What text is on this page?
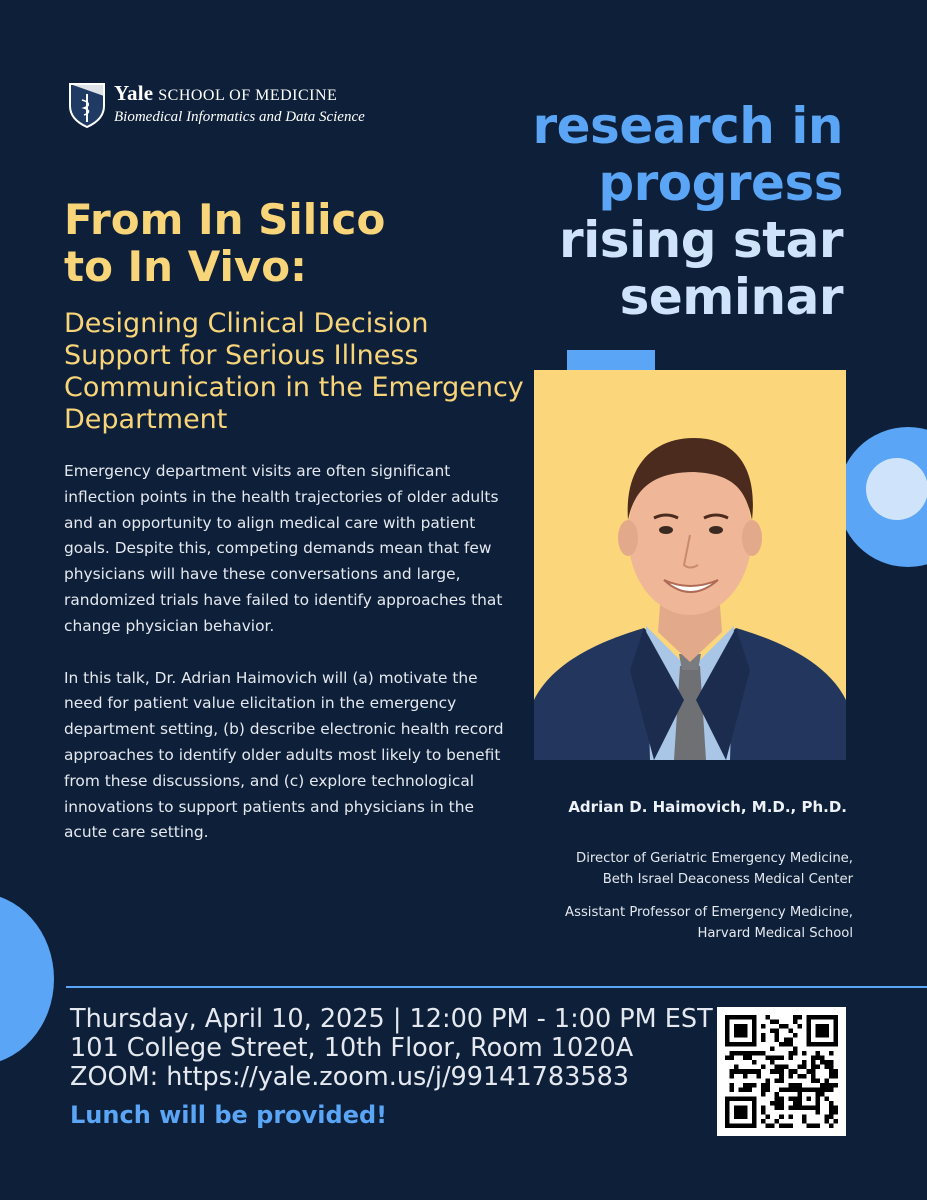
Yale SCHOOL OF MEDICINE
Biomedical Informatics and Data Science	research in
progress
rising star
seminar
From In Silico
to In Vivo:
Designing Clinical Decision Support for Serious Illness Communication in the Emergency Department

Emergency department visits are often significant inflection points in the health trajectories of older adults and an opportunity to align medical care with patient goals. Despite this, competing demands mean that few physicians will have these conversations and large, randomized trials have failed to identify approaches that change physician behavior.

In this talk, Dr. Adrian Haimovich will (a) motivate the need for patient value elicitation in the emergency department setting, (b) describe electronic health record approaches to identify older adults most likely to benefit from these discussions, and (c) explore technological innovations to support patients and physicians in the acute care setting.

Adrian D. Haimovich, M.D., Ph.D.
Director of Geriatric Emergency Medicine,
Beth Israel Deaconess Medical Center
Assistant Professor of Emergency Medicine,
Harvard Medical School
Thursday, April 10, 2025 | 12:00 PM - 1:00 PM EST
101 College Street, 10th Floor, Room 1020A
ZOOM: https://yale.zoom.us/j/99141783583
Lunch will be provided!
